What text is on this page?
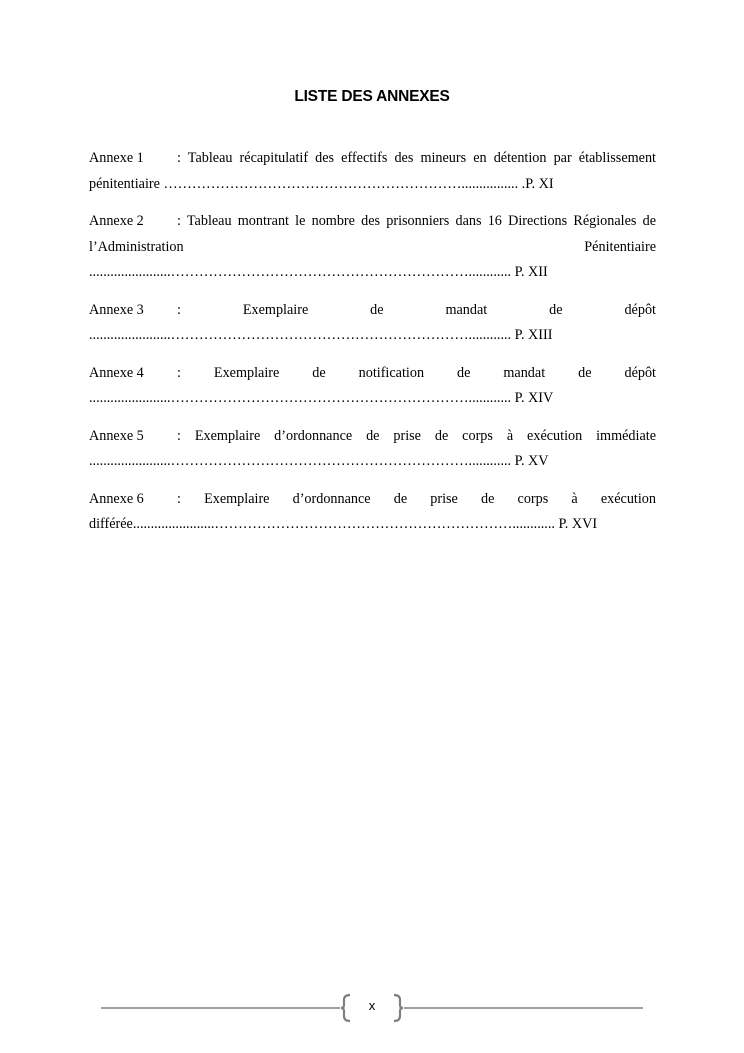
LISTE DES ANNEXES

Annexe 1 : Tableau récapitulatif des effectifs des mineurs en détention par établissement pénitentiaire ………………………………………………………................ .P. XI

Annexe 2 : Tableau montrant le nombre des prisonniers dans 16 Directions Régionales de l’Administration Pénitentiaire .......................………………………………………………………............ P. XII

Annexe 3 : Exemplaire de mandat de dépôt .......................………………………………………………………............ P. XIII

Annexe 4 : Exemplaire de notification de mandat de dépôt .......................………………………………………………………............ P. XIV

Annexe 5 : Exemplaire d’ordonnance de prise de corps à exécution immédiate .......................………………………………………………………............ P. XV

Annexe 6 : Exemplaire d’ordonnance de prise de corps à exécution différée.......................………………………………………………………............ P. XVI

x
